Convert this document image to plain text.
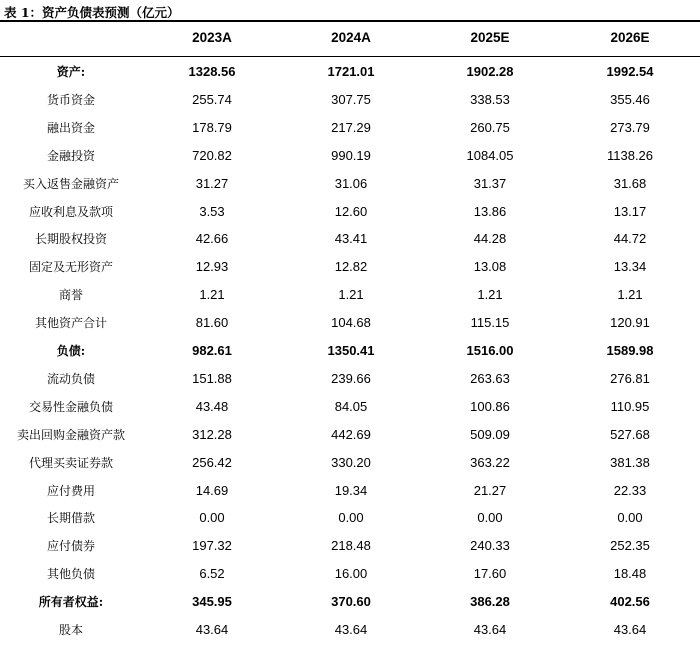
表 1：资产负债表预测（亿元）
2023A	2024A	2025E	2026E
资产:	1328.56	1721.01	1902.28	1992.54
货币资金	255.74	307.75	338.53	355.46
融出资金	178.79	217.29	260.75	273.79
金融投资	720.82	990.19	1084.05	1138.26
买入返售金融资产	31.27	31.06	31.37	31.68
应收利息及款项	3.53	12.60	13.86	13.17
长期股权投资	42.66	43.41	44.28	44.72
固定及无形资产	12.93	12.82	13.08	13.34
商誉	1.21	1.21	1.21	1.21
其他资产合计	81.60	104.68	115.15	120.91
负债:	982.61	1350.41	1516.00	1589.98
流动负债	151.88	239.66	263.63	276.81
交易性金融负债	43.48	84.05	100.86	110.95
卖出回购金融资产款	312.28	442.69	509.09	527.68
代理买卖证券款	256.42	330.20	363.22	381.38
应付费用	14.69	19.34	21.27	22.33
长期借款	0.00	0.00	0.00	0.00
应付债券	197.32	218.48	240.33	252.35
其他负债	6.52	16.00	17.60	18.48
所有者权益:	345.95	370.60	386.28	402.56
股本	43.64	43.64	43.64	43.64
